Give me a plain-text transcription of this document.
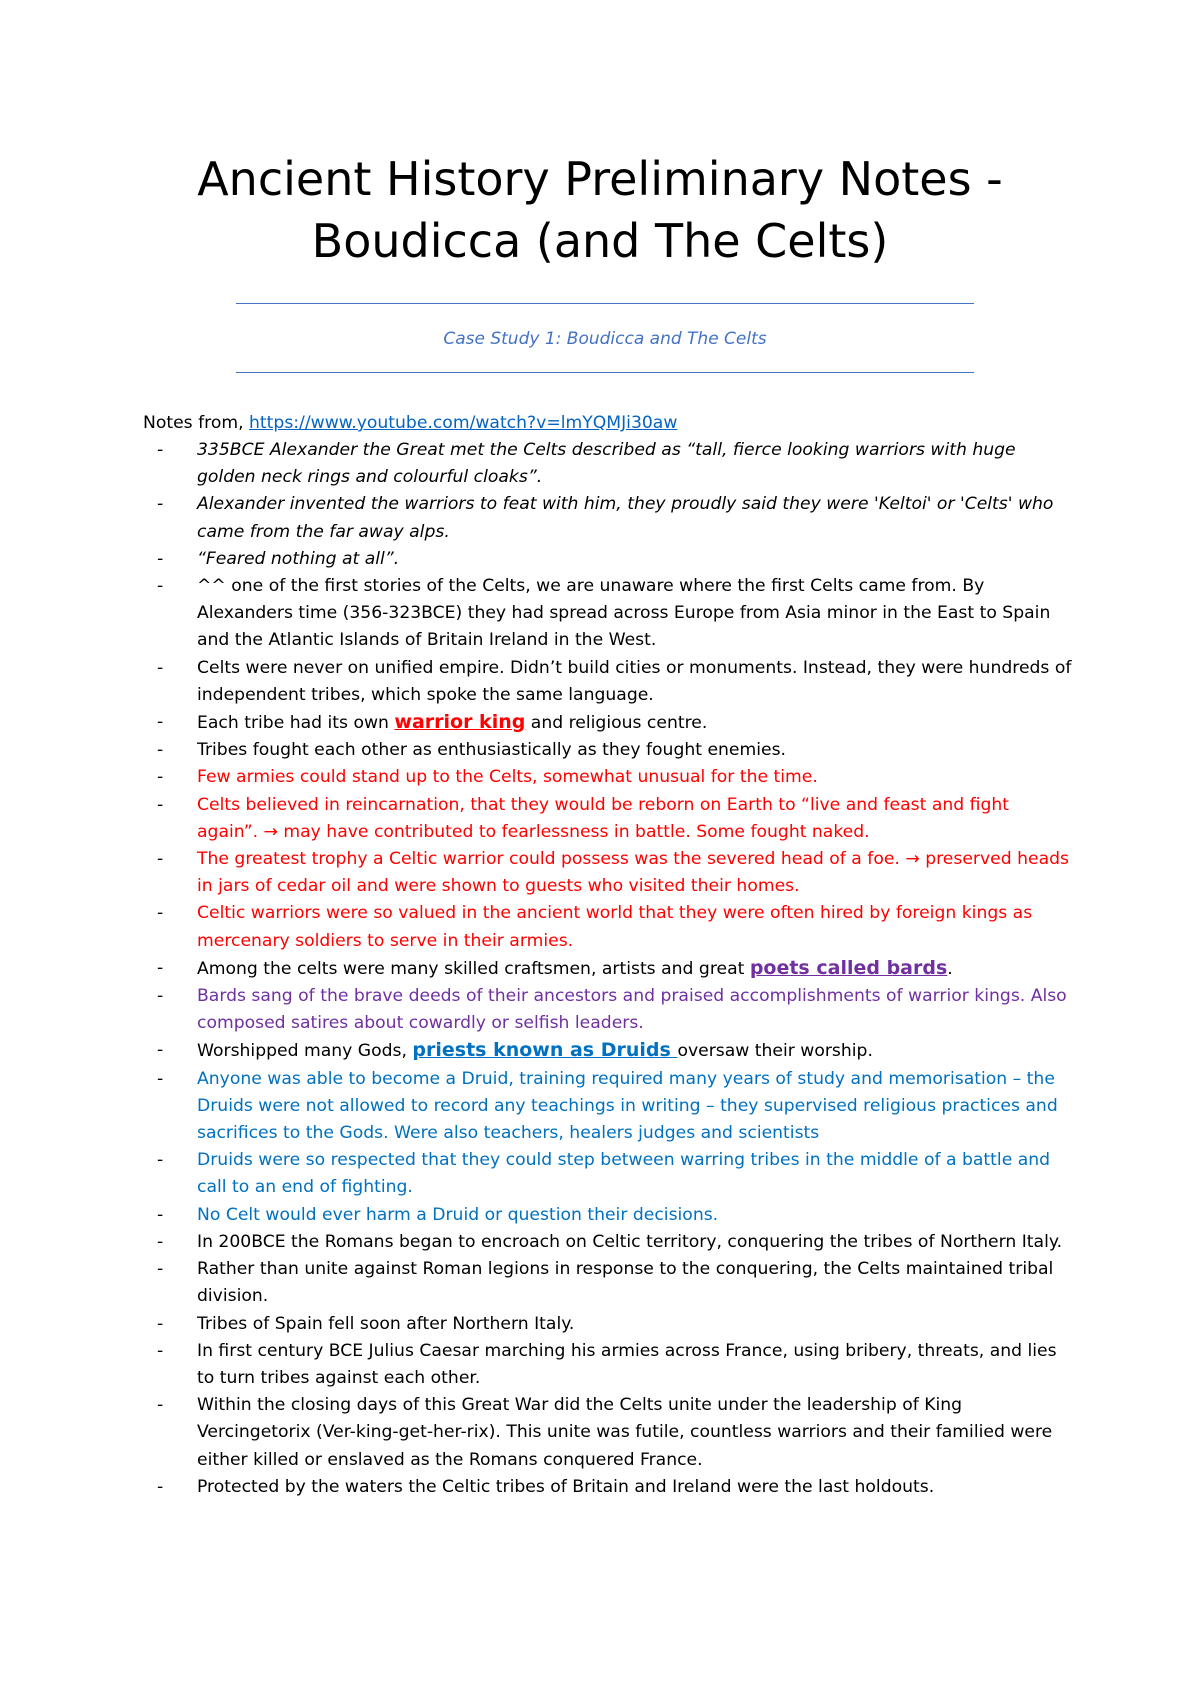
Ancient History Preliminary Notes -
Boudicca (and The Celts)
Case Study 1: Boudicca and The Celts
Notes from, https://www.youtube.com/watch?v=lmYQMJi30aw
- 335BCE Alexander the Great met the Celts described as “tall, fierce looking warriors with huge golden neck rings and colourful cloaks”.
- Alexander invented the warriors to feat with him, they proudly said they were 'Keltoi' or 'Celts' who came from the far away alps.
- “Feared nothing at all”.
- ^^ one of the first stories of the Celts, we are unaware where the first Celts came from. By Alexanders time (356-323BCE) they had spread across Europe from Asia minor in the East to Spain and the Atlantic Islands of Britain Ireland in the West.
- Celts were never on unified empire. Didn’t build cities or monuments. Instead, they were hundreds of independent tribes, which spoke the same language.
- Each tribe had its own warrior king and religious centre.
- Tribes fought each other as enthusiastically as they fought enemies.
- Few armies could stand up to the Celts, somewhat unusual for the time.
- Celts believed in reincarnation, that they would be reborn on Earth to “live and feast and fight again”. → may have contributed to fearlessness in battle. Some fought naked.
- The greatest trophy a Celtic warrior could possess was the severed head of a foe. → preserved heads in jars of cedar oil and were shown to guests who visited their homes.
- Celtic warriors were so valued in the ancient world that they were often hired by foreign kings as mercenary soldiers to serve in their armies.
- Among the celts were many skilled craftsmen, artists and great poets called bards.
- Bards sang of the brave deeds of their ancestors and praised accomplishments of warrior kings. Also composed satires about cowardly or selfish leaders.
- Worshipped many Gods, priests known as Druids oversaw their worship.
- Anyone was able to become a Druid, training required many years of study and memorisation – the Druids were not allowed to record any teachings in writing – they supervised religious practices and sacrifices to the Gods. Were also teachers, healers judges and scientists
- Druids were so respected that they could step between warring tribes in the middle of a battle and call to an end of fighting.
- No Celt would ever harm a Druid or question their decisions.
- In 200BCE the Romans began to encroach on Celtic territory, conquering the tribes of Northern Italy.
- Rather than unite against Roman legions in response to the conquering, the Celts maintained tribal division.
- Tribes of Spain fell soon after Northern Italy.
- In first century BCE Julius Caesar marching his armies across France, using bribery, threats, and lies to turn tribes against each other.
- Within the closing days of this Great War did the Celts unite under the leadership of King Vercingetorix (Ver-king-get-her-rix). This unite was futile, countless warriors and their familied were either killed or enslaved as the Romans conquered France.
- Protected by the waters the Celtic tribes of Britain and Ireland were the last holdouts.
